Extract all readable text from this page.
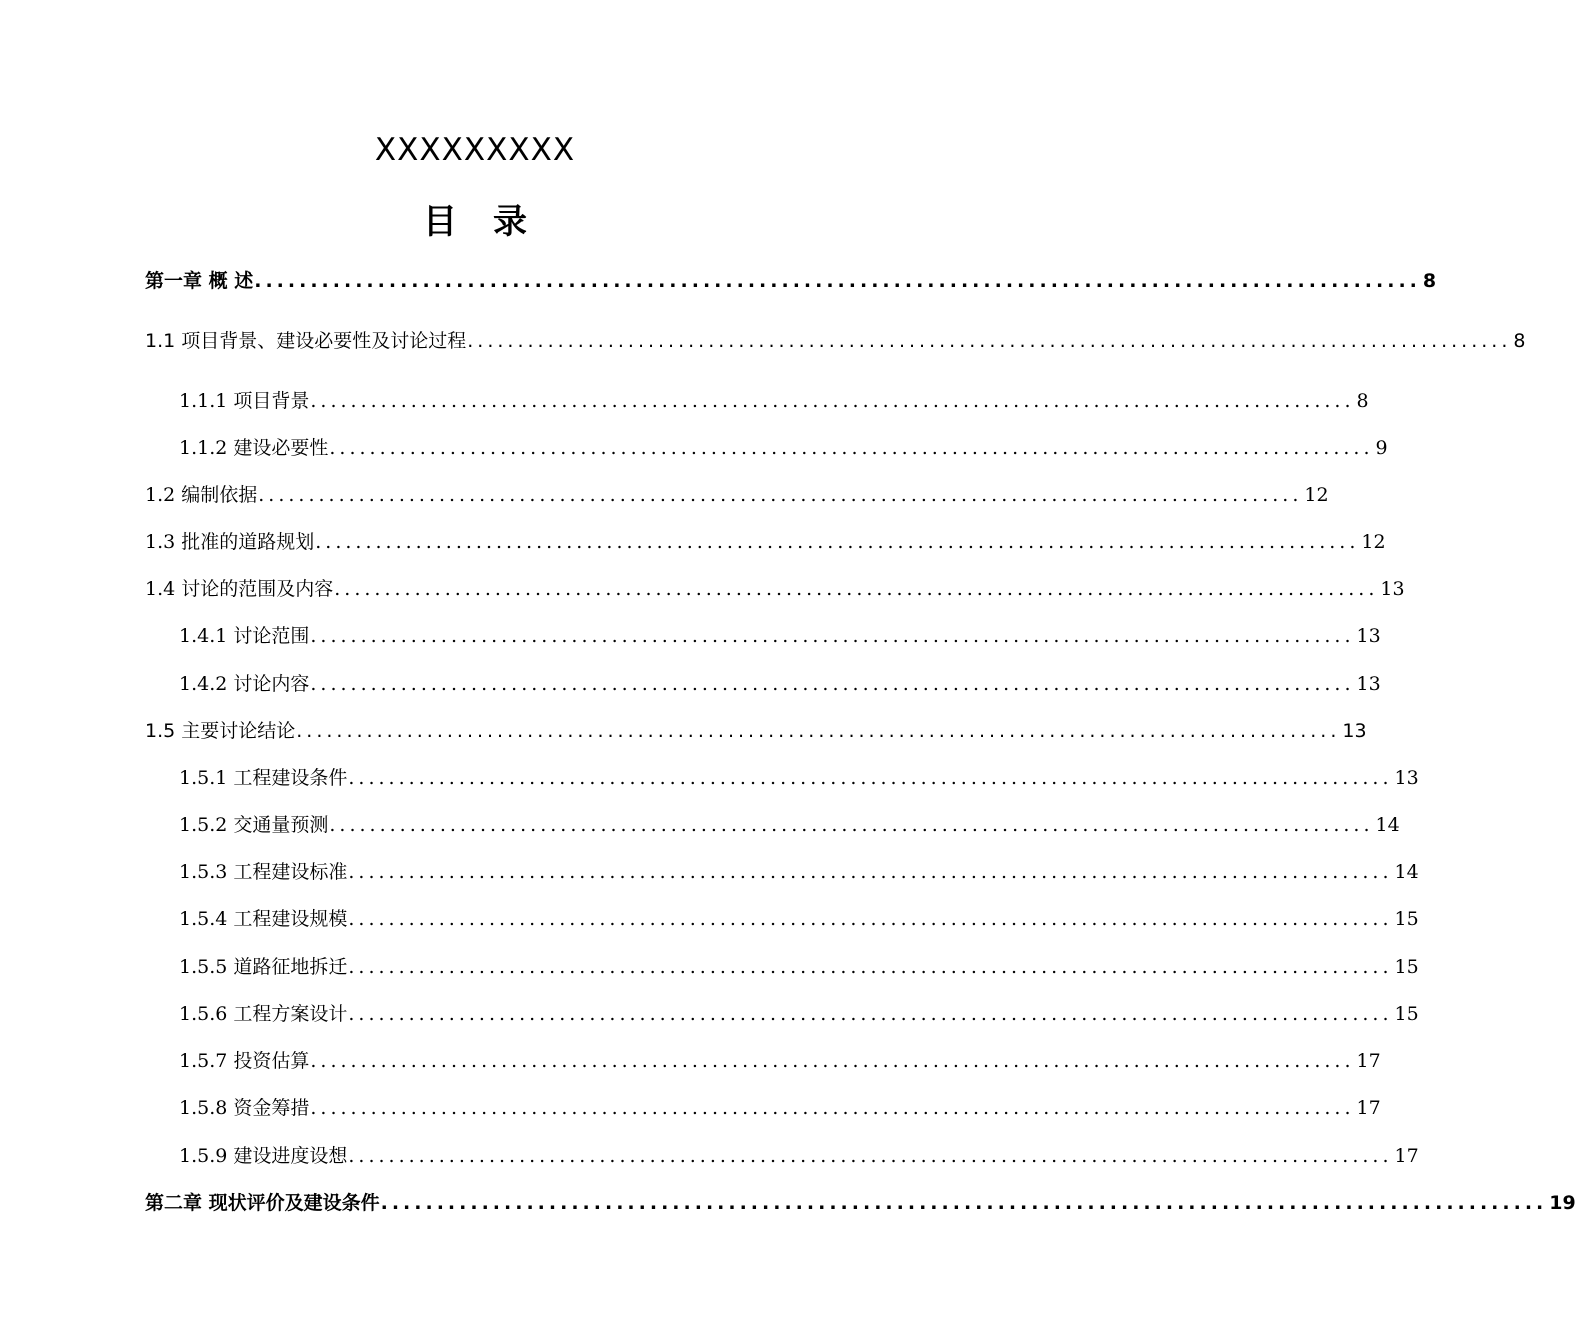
XXXXXXXXX
目 录
第一章 概 述 ........................................................................................................ 8
1.1 项目背景、建设必要性及讨论过程 ........................................................................................................ 8
1.1.1 项目背景 ........................................................................................................ 8
1.1.2 建设必要性 ........................................................................................................ 9
1.2 编制依据 ........................................................................................................ 12
1.3 批准的道路规划 ........................................................................................................ 12
1.4 讨论的范围及内容 ........................................................................................................ 13
1.4.1 讨论范围 ........................................................................................................ 13
1.4.2 讨论内容 ........................................................................................................ 13
1.5 主要讨论结论 ........................................................................................................ 13
1.5.1 工程建设条件 ........................................................................................................ 13
1.5.2 交通量预测 ........................................................................................................ 14
1.5.3 工程建设标准 ........................................................................................................ 14
1.5.4 工程建设规模 ........................................................................................................ 15
1.5.5 道路征地拆迁 ........................................................................................................ 15
1.5.6 工程方案设计 ........................................................................................................ 15
1.5.7 投资估算 ........................................................................................................ 17
1.5.8 资金筹措 ........................................................................................................ 17
1.5.9 建设进度设想 ........................................................................................................ 17
第二章 现状评价及建设条件 ........................................................................................................ 19
